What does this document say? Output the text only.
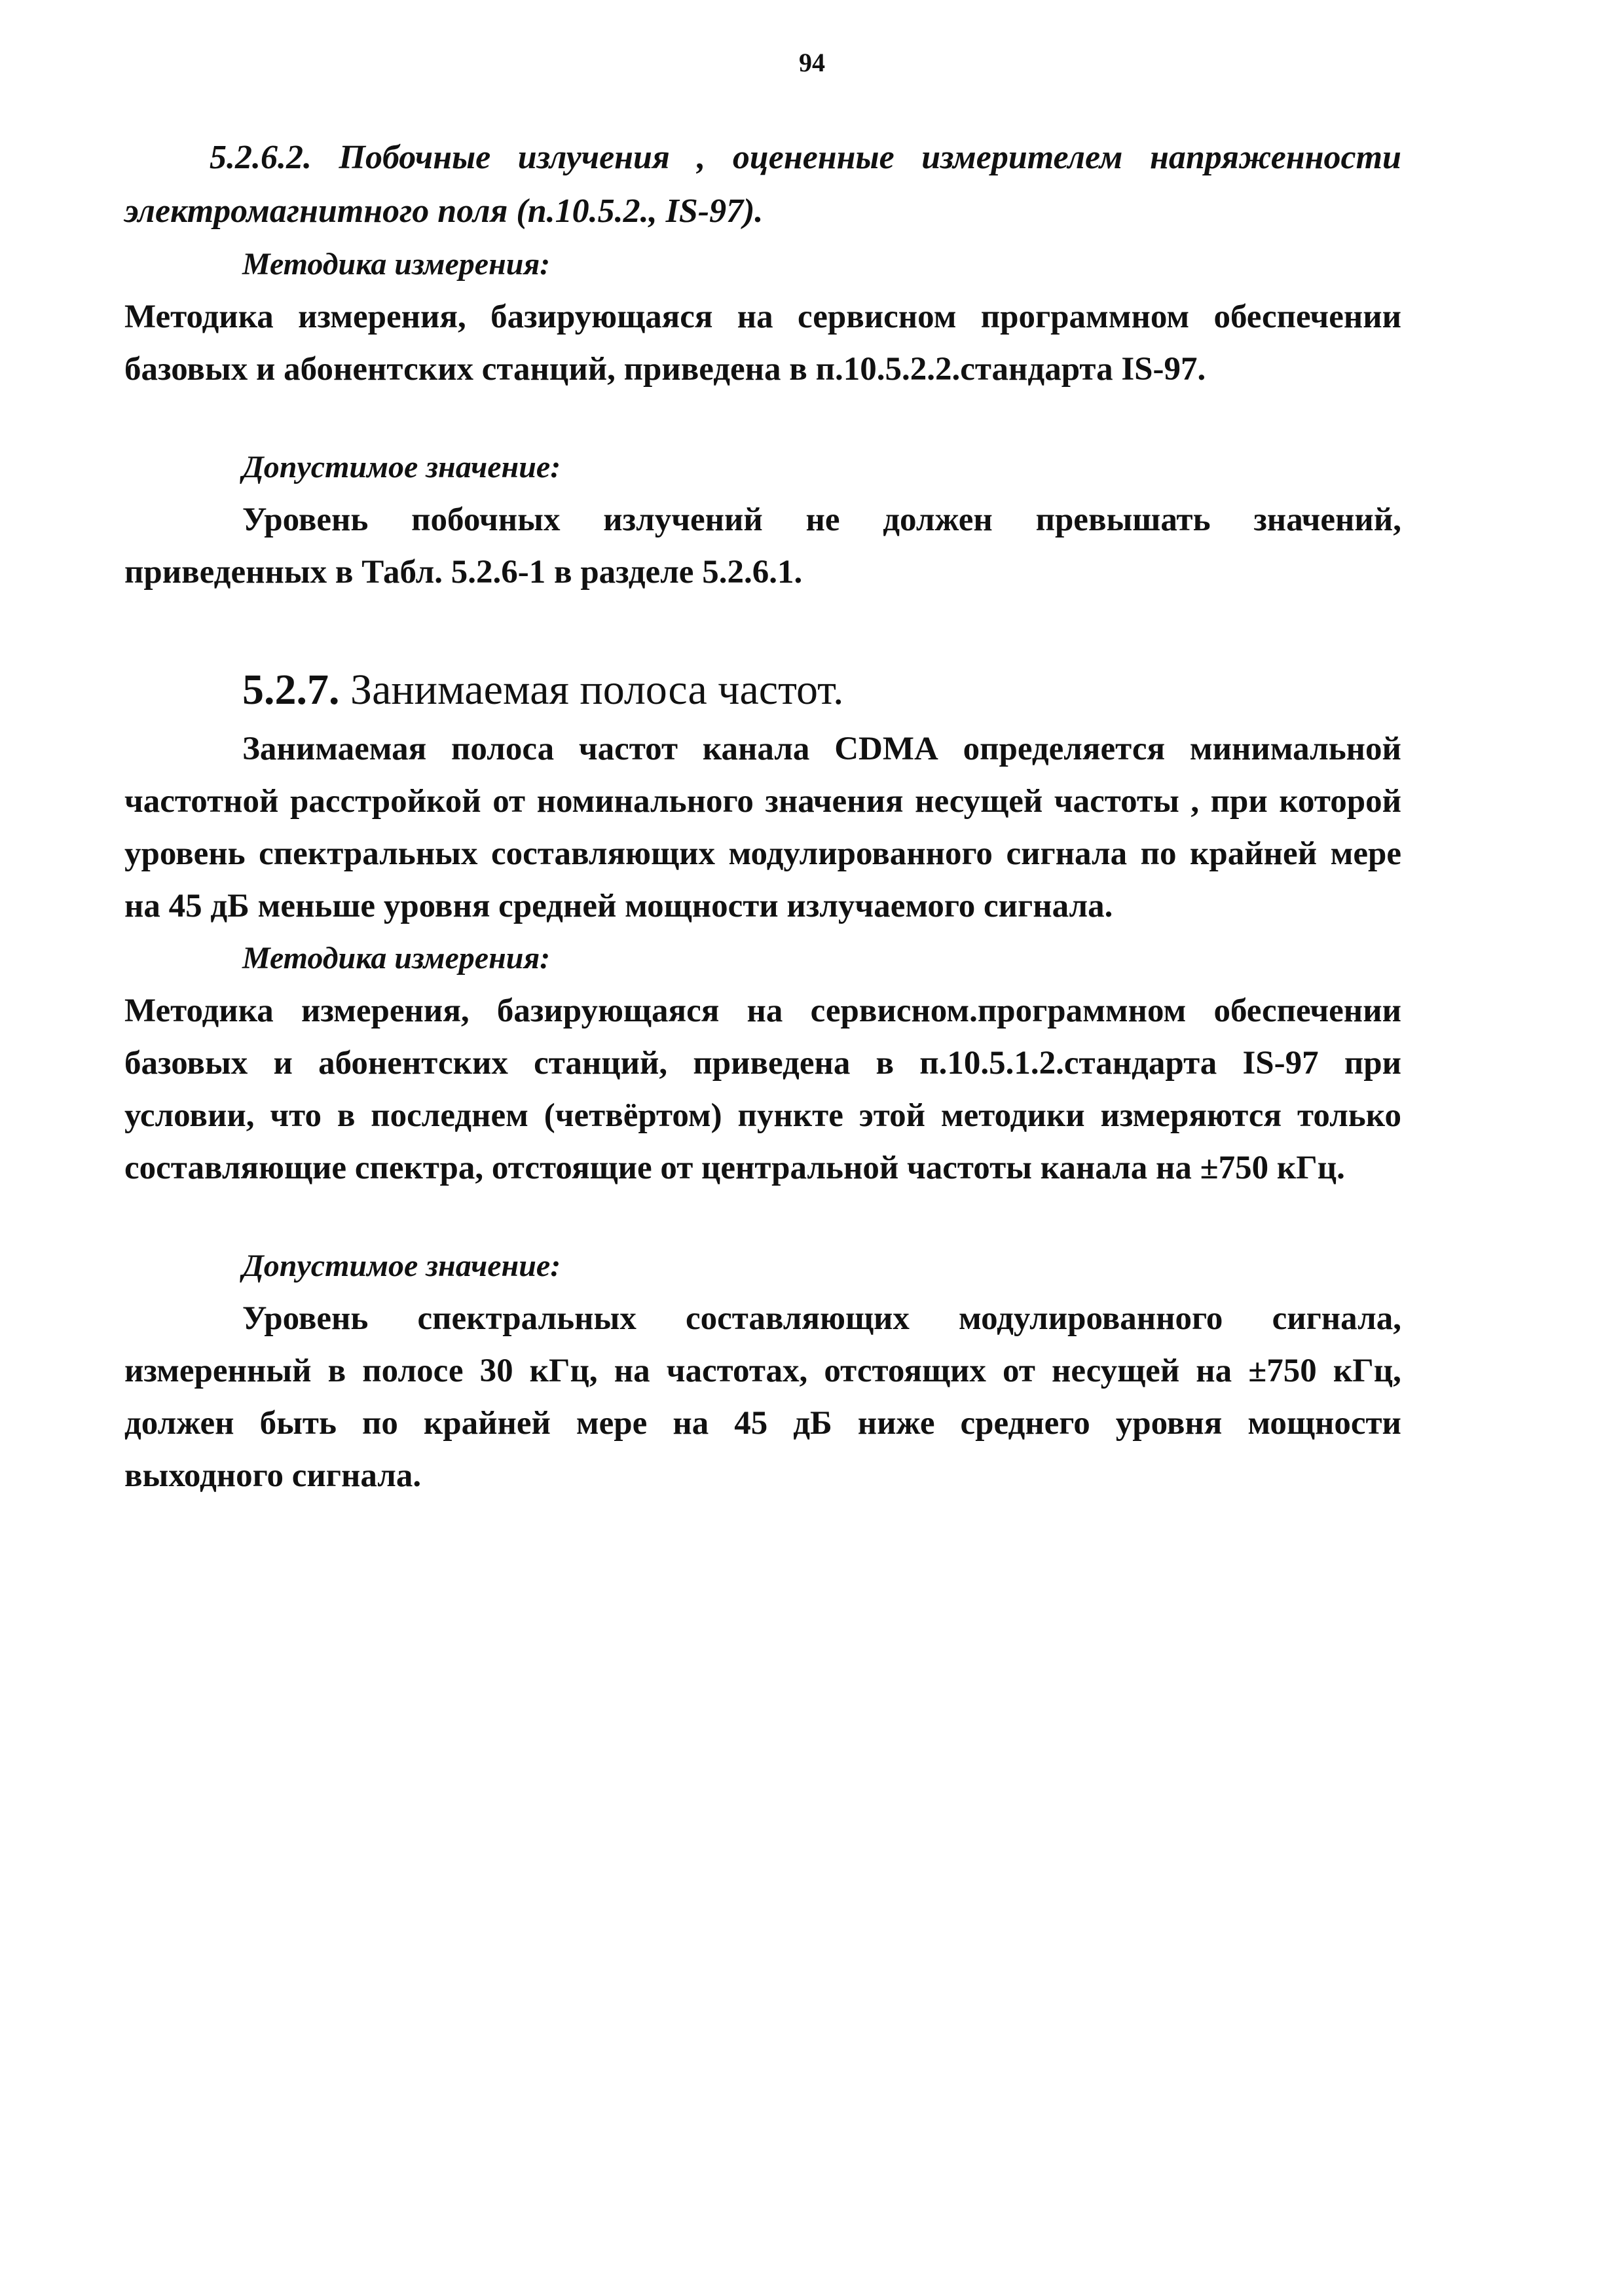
94
5.2.6.2. Побочные излучения , оцененные измерителем напряженности
электромагнитного поля (п.10.5.2., IS-97).
Методика измерения:
Методика измерения, базирующаяся на сервисном программном обеспечении
базовых и абонентских станций, приведена в п.10.5.2.2.стандарта IS-97.
Допустимое значение:
Уровень побочных излучений не должен превышать значений,
приведенных в Табл. 5.2.6-1 в разделе 5.2.6.1.
5.2.7. Занимаемая полоса частот.
Занимаемая полоса частот канала CDMA определяется минимальной
частотной расстройкой от номинального значения несущей частоты , при которой
уровень спектральных составляющих модулированного сигнала по крайней мере
на 45 дБ меньше уровня средней мощности излучаемого сигнала.
Методика измерения:
Методика измерения, базирующаяся на сервисном.программном обеспечении
базовых и абонентских станций, приведена в п.10.5.1.2.стандарта IS-97 при
условии, что в последнем (четвёртом) пункте этой методики измеряются только
составляющие спектра, отстоящие от центральной частоты канала на ±750 кГц.
Допустимое значение:
Уровень спектральных составляющих модулированного сигнала,
измеренный в полосе 30 кГц, на частотах, отстоящих от несущей на ±750 кГц,
должен быть по крайней мере на 45 дБ ниже среднего уровня мощности
выходного сигнала.
